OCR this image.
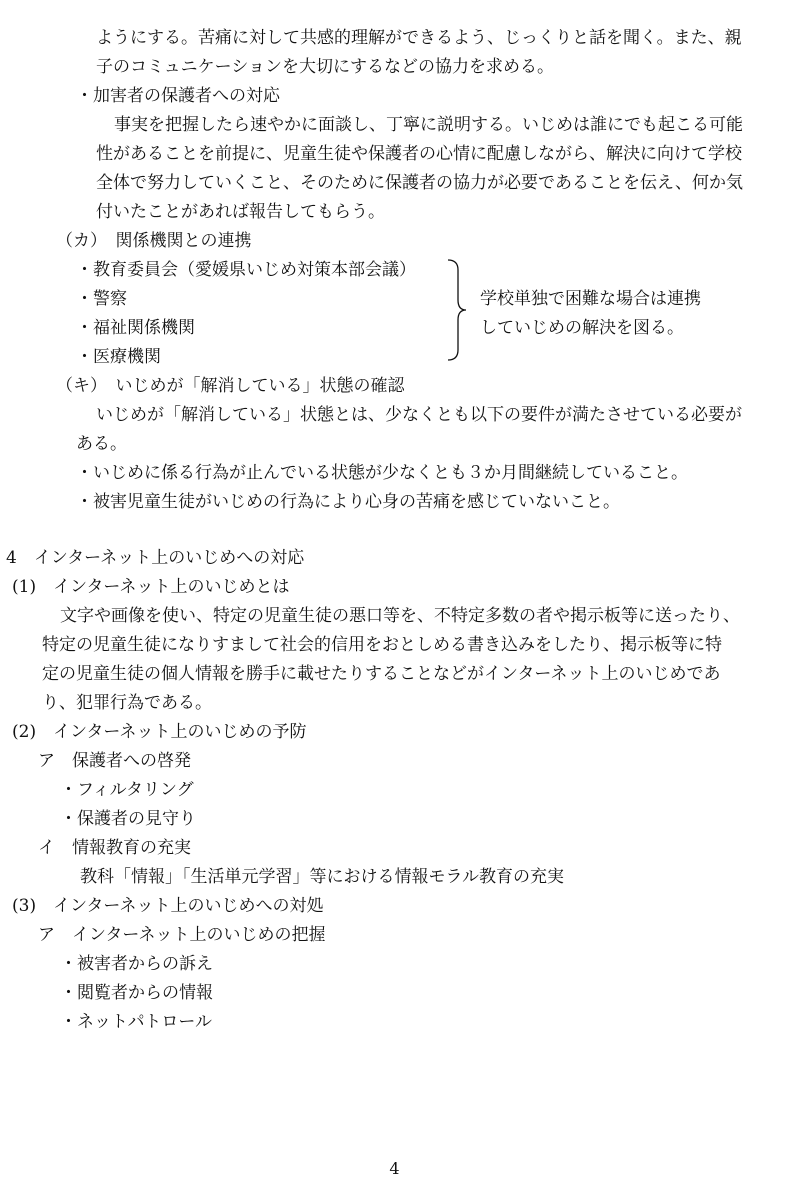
ようにする。苦痛に対して共感的理解ができるよう、じっくりと話を聞く。また、親
子のコミュニケーションを大切にするなどの協力を求める。
・加害者の保護者への対応
事実を把握したら速やかに面談し、丁寧に説明する。いじめは誰にでも起こる可能
性があることを前提に、児童生徒や保護者の心情に配慮しながら、解決に向けて学校
全体で努力していくこと、そのために保護者の協力が必要であることを伝え、何か気
付いたことがあれば報告してもらう。
（カ）　関係機関との連携
・教育委員会（愛媛県いじめ対策本部会議）
・警察
・福祉関係機関
・医療機関
学校単独で困難な場合は連携
していじめの解決を図る。
（キ）　いじめが「解消している」状態の確認
いじめが「解消している」状態とは、少なくとも以下の要件が満たさせている必要が
ある。
・いじめに係る行為が止んでいる状態が少なくとも３か月間継続していること。
・被害児童生徒がいじめの行為により心身の苦痛を感じていないこと。
4　インターネット上のいじめへの対応
(1)　インターネット上のいじめとは
文字や画像を使い、特定の児童生徒の悪口等を、不特定多数の者や掲示板等に送ったり、
特定の児童生徒になりすまして社会的信用をおとしめる書き込みをしたり、掲示板等に特
定の児童生徒の個人情報を勝手に載せたりすることなどがインターネット上のいじめであ
り、犯罪行為である。
(2)　インターネット上のいじめの予防
ア　保護者への啓発
・フィルタリング
・保護者の見守り
イ　情報教育の充実
教科「情報」「生活単元学習」等における情報モラル教育の充実
(3)　インターネット上のいじめへの対処
ア　インターネット上のいじめの把握
・被害者からの訴え
・閲覧者からの情報
・ネットパトロール
4
